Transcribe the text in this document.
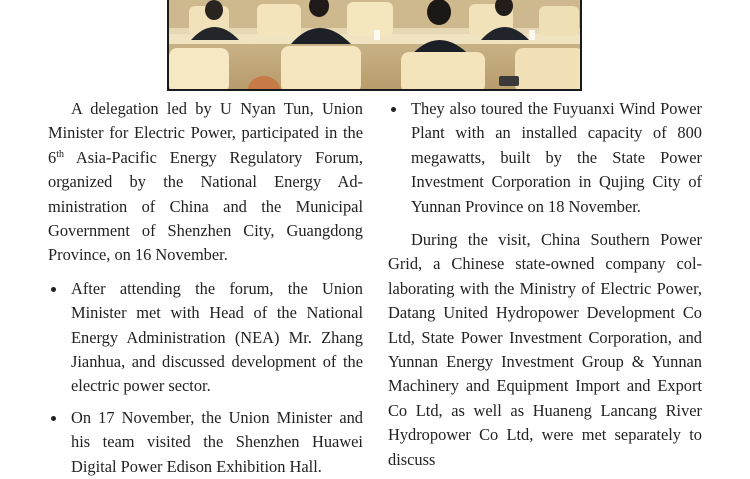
A delegation led by U Nyan Tun, Union Minister for Electric Power, participated in the 6th Asia-Pacific Energy Regulatory Forum, organized by the National Energy Administration of China and the Municipal Government of Shenzhen City, Guangdong Province, on 16 November.

After attending the forum, the Union Minister met with Head of the National Energy Administration (NEA) Mr. Zhang Jianhua, and discussed development of the electric power sector.
On 17 November, the Union Minister and his team visited the Shenzhen Huawei Digital Power Edison Exhibition Hall.
They also toured the Fuyuanxi Wind Power Plant with an installed capacity of 800 megawatts, built by the State Power Investment Corporation in Qujing City of Yunnan Province on 18 November.

During the visit, China Southern Power Grid, a Chinese state-owned company collaborating with the Ministry of Electric Power, Datang United Hydropower Development Co Ltd, State Power Investment Corporation, and Yunnan Energy Investment Group & Yunnan Machinery and Equipment Import and Export Co Ltd, as well as Huaneng Lancang River Hydropower Co Ltd, were met separately to discuss
